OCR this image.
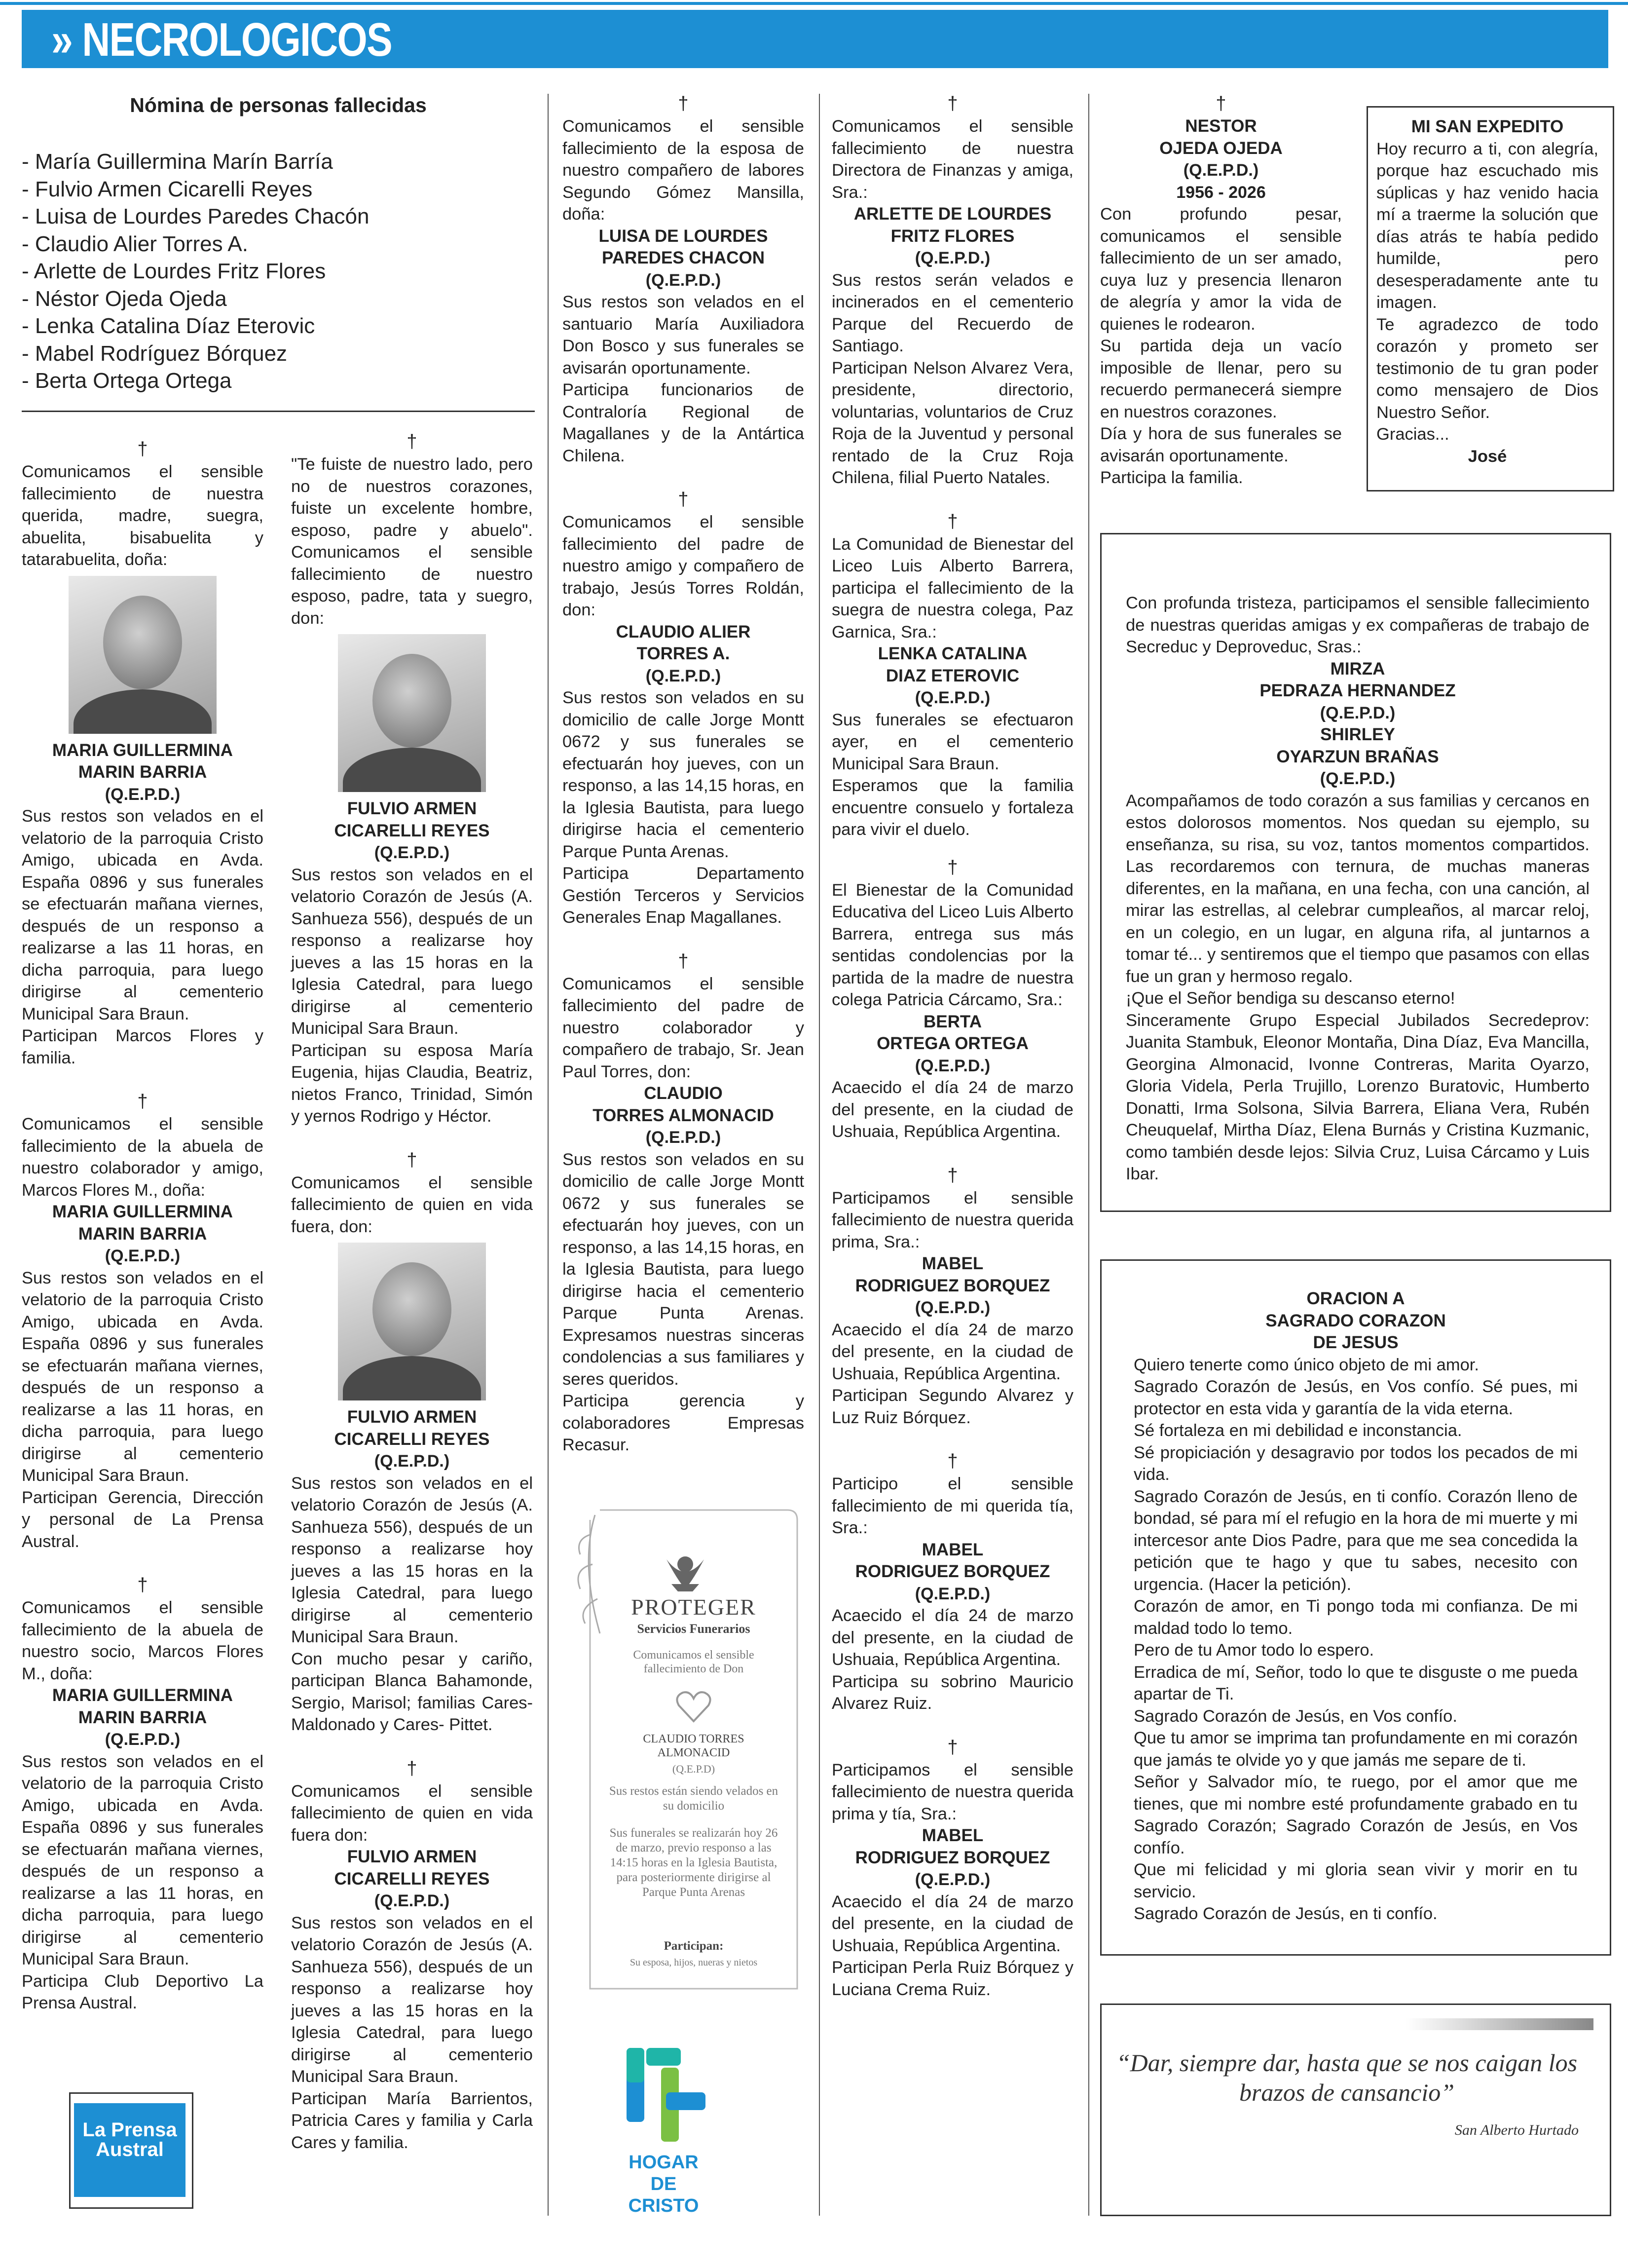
» NECROLOGICOS
Nómina de personas fallecidas

- María Guillermina Marín Barría

- Fulvio Armen Cicarelli Reyes

- Luisa de Lourdes Paredes Chacón

- Claudio Alier Torres A.

- Arlette de Lourdes Fritz Flores

- Néstor Ojeda Ojeda

- Lenka Catalina Díaz Eterovic

- Mabel Rodríguez Bórquez

- Berta Ortega Ortega

†

Comunicamos el sensible fallecimiento de nuestra querida, madre, suegra, abuelita, bisabuelita y tatarabuelita, doña:

MARIA GUILLERMINA
MARIN BARRIA
(Q.E.P.D.)

Sus restos son velados en el velatorio de la parroquia Cristo Amigo, ubicada en Avda. España 0896 y sus funerales se efectuarán mañana viernes, después de un responso a realizarse a las 11 horas, en dicha parroquia, para luego dirigirse al cementerio Municipal Sara Braun.

Participan Marcos Flores y familia.

†

Comunicamos el sensible fallecimiento de la abuela de nuestro colaborador y amigo, Marcos Flores M., doña:

MARIA GUILLERMINA
MARIN BARRIA
(Q.E.P.D.)

Sus restos son velados en el velatorio de la parroquia Cristo Amigo, ubicada en Avda. España 0896 y sus funerales se efectuarán mañana viernes, después de un responso a realizarse a las 11 horas, en dicha parroquia, para luego dirigirse al cementerio Municipal Sara Braun.

Participan Gerencia, Dirección y personal de La Prensa Austral.

†

Comunicamos el sensible fallecimiento de la abuela de nuestro socio, Marcos Flores M., doña:

MARIA GUILLERMINA
MARIN BARRIA
(Q.E.P.D.)

Sus restos son velados en el velatorio de la parroquia Cristo Amigo, ubicada en Avda. España 0896 y sus funerales se efectuarán mañana viernes, después de un responso a realizarse a las 11 horas, en dicha parroquia, para luego dirigirse al cementerio Municipal Sara Braun.

Participa Club Deportivo La Prensa Austral.

La Prensa Austral
†

"Te fuiste de nuestro lado, pero no de nuestros corazones, fuiste un excelente hombre, esposo, padre y abuelo". Comunicamos el sensible fallecimiento de nuestro esposo, padre, tata y suegro, don:

FULVIO ARMEN
CICARELLI REYES
(Q.E.P.D.)

Sus restos son velados en el velatorio Corazón de Jesús (A. Sanhueza 556), después de un responso a realizarse hoy jueves a las 15 horas en la Iglesia Catedral, para luego dirigirse al cementerio Municipal Sara Braun.

Participan su esposa María Eugenia, hijas Claudia, Beatriz, nietos Franco, Trinidad, Simón y yernos Rodrigo y Héctor.

†

Comunicamos el sensible fallecimiento de quien en vida fuera, don:

FULVIO ARMEN
CICARELLI REYES
(Q.E.P.D.)

Sus restos son velados en el velatorio Corazón de Jesús (A. Sanhueza 556), después de un responso a realizarse hoy jueves a las 15 horas en la Iglesia Catedral, para luego dirigirse al cementerio Municipal Sara Braun.

Con mucho pesar y cariño, participan Blanca Bahamonde, Sergio, Marisol; familias Cares- Maldonado y Cares- Pittet.

†

Comunicamos el sensible fallecimiento de quien en vida fuera don:

FULVIO ARMEN
CICARELLI REYES
(Q.E.P.D.)

Sus restos son velados en el velatorio Corazón de Jesús (A. Sanhueza 556), después de un responso a realizarse hoy jueves a las 15 horas en la Iglesia Catedral, para luego dirigirse al cementerio Municipal Sara Braun.

Participan María Barrientos, Patricia Cares y familia y Carla Cares y familia.

†

Comunicamos el sensible fallecimiento de la esposa de nuestro compañero de labores Segundo Gómez Mansilla, doña:

LUISA DE LOURDES
PAREDES CHACON
(Q.E.P.D.)

Sus restos son velados en el santuario María Auxiliadora Don Bosco y sus funerales se avisarán oportunamente.

Participa funcionarios de Contraloría Regional de Magallanes y de la Antártica Chilena.

†

Comunicamos el sensible fallecimiento del padre de nuestro amigo y compañero de trabajo, Jesús Torres Roldán, don:

CLAUDIO ALIER
TORRES A.
(Q.E.P.D.)

Sus restos son velados en su domicilio de calle Jorge Montt 0672 y sus funerales se efectuarán hoy jueves, con un responso, a las 14,15 horas, en la Iglesia Bautista, para luego dirigirse hacia el cementerio Parque Punta Arenas.

Participa Departamento Gestión Terceros y Servicios Generales Enap Magallanes.

†

Comunicamos el sensible fallecimiento del padre de nuestro colaborador y compañero de trabajo, Sr. Jean Paul Torres, don:

CLAUDIO
TORRES ALMONACID
(Q.E.P.D.)

Sus restos son velados en su domicilio de calle Jorge Montt 0672 y sus funerales se efectuarán hoy jueves, con un responso, a las 14,15 horas, en la Iglesia Bautista, para luego dirigirse hacia el cementerio Parque Punta Arenas. Expresamos nuestras sinceras condolencias a sus familiares y seres queridos.

Participa gerencia y colaboradores Empresas Recasur.

PROTEGER
Servicios Funerarios
Comunicamos el sensible fallecimiento de Don
CLAUDIO TORRES
ALMONACID
(Q.E.P.D)
Sus restos están siendo velados en su domicilio
Sus funerales se realizarán hoy 26 de marzo, previo responso a las 14:15 horas en la Iglesia Bautista, para posteriormente dirigirse al Parque Punta Arenas
Participan:
Su esposa, hijos, nueras y nietos
HOGAR
DE CRISTO
†

Comunicamos el sensible fallecimiento de nuestra Directora de Finanzas y amiga, Sra.:

ARLETTE DE LOURDES
FRITZ FLORES
(Q.E.P.D.)

Sus restos serán velados e incinerados en el cementerio Parque del Recuerdo de Santiago.

Participan Nelson Alvarez Vera, presidente, directorio, voluntarias, voluntarios de Cruz Roja de la Juventud y personal rentado de la Cruz Roja Chilena, filial Puerto Natales.

†

La Comunidad de Bienestar del Liceo Luis Alberto Barrera, participa el fallecimiento de la suegra de nuestra colega, Paz Garnica, Sra.:

LENKA CATALINA
DIAZ ETEROVIC
(Q.E.P.D.)

Sus funerales se efectuaron ayer, en el cementerio Municipal Sara Braun.

Esperamos que la familia encuentre consuelo y fortaleza para vivir el duelo.

†

El Bienestar de la Comunidad Educativa del Liceo Luis Alberto Barrera, entrega sus más sentidas condolencias por la partida de la madre de nuestra colega Patricia Cárcamo, Sra.:

BERTA
ORTEGA ORTEGA
(Q.E.P.D.)

Acaecido el día 24 de marzo del presente, en la ciudad de Ushuaia, República Argentina.

†

Participamos el sensible fallecimiento de nuestra querida prima, Sra.:

MABEL
RODRIGUEZ BORQUEZ
(Q.E.P.D.)

Acaecido el día 24 de marzo del presente, en la ciudad de Ushuaia, República Argentina.

Participan Segundo Alvarez y Luz Ruiz Bórquez.

†

Participo el sensible fallecimiento de mi querida tía, Sra.:

MABEL
RODRIGUEZ BORQUEZ
(Q.E.P.D.)

Acaecido el día 24 de marzo del presente, en la ciudad de Ushuaia, República Argentina.

Participa su sobrino Mauricio Alvarez Ruiz.

†

Participamos el sensible fallecimiento de nuestra querida prima y tía, Sra.:

MABEL
RODRIGUEZ BORQUEZ
(Q.E.P.D.)

Acaecido el día 24 de marzo del presente, en la ciudad de Ushuaia, República Argentina.

Participan Perla Ruiz Bórquez y Luciana Crema Ruiz.

†
NESTOR
OJEDA OJEDA
(Q.E.P.D.)
1956 - 2026

Con profundo pesar, comunicamos el sensible fallecimiento de un ser amado, cuya luz y presencia llenaron de alegría y amor la vida de quienes le rodearon.

Su partida deja un vacío imposible de llenar, pero su recuerdo permanecerá siempre en nuestros corazones.

Día y hora de sus funerales se avisarán oportunamente.

Participa la familia.

MI SAN EXPEDITO

Hoy recurro a ti, con alegría, porque haz escuchado mis súplicas y haz venido hacia mí a traerme la solución que días atrás te había pedido humilde, pero desesperadamente ante tu imagen.

Te agradezco de todo corazón y prometo ser testimonio de tu gran poder como mensajero de Dios Nuestro Señor.

Gracias...

José

Con profunda tristeza, participamos el sensible fallecimiento de nuestras queridas amigas y ex compañeras de trabajo de Secreduc y Deproveduc, Sras.:

MIRZA
PEDRAZA HERNANDEZ
(Q.E.P.D.)
SHIRLEY
OYARZUN BRAÑAS
(Q.E.P.D.)

Acompañamos de todo corazón a sus familias y cercanos en estos dolorosos momentos. Nos quedan su ejemplo, su enseñanza, su risa, su voz, tantos momentos compartidos. Las recordaremos con ternura, de muchas maneras diferentes, en la mañana, en una fecha, con una canción, al mirar las estrellas, al celebrar cumpleaños, al marcar reloj, en un colegio, en un lugar, en alguna rifa, al juntarnos a tomar té... y sentiremos que el tiempo que pasamos con ellas fue un gran y hermoso regalo.

¡Que el Señor bendiga su descanso eterno!

Sinceramente Grupo Especial Jubilados Secredeprov: Juanita Stambuk, Eleonor Montaña, Dina Díaz, Eva Mancilla, Georgina Almonacid, Ivonne Contreras, Marita Oyarzo, Gloria Videla, Perla Trujillo, Lorenzo Buratovic, Humberto Donatti, Irma Solsona, Silvia Barrera, Eliana Vera, Rubén Cheuquelaf, Mirtha Díaz, Elena Burnás y Cristina Kuzmanic, como también desde lejos: Silvia Cruz, Luisa Cárcamo y Luis Ibar.

ORACION A
SAGRADO CORAZON
DE JESUS

Quiero tenerte como único objeto de mi amor.

Sagrado Corazón de Jesús, en Vos confío. Sé pues, mi protector en esta vida y garantía de la vida eterna.

Sé fortaleza en mi debilidad e inconstancia.

Sé propiciación y desagravio por todos los pecados de mi vida.

Sagrado Corazón de Jesús, en ti confío. Corazón lleno de bondad, sé para mí el refugio en la hora de mi muerte y mi intercesor ante Dios Padre, para que me sea concedida la petición que te hago y que tu sabes, necesito con urgencia. (Hacer la petición).

Corazón de amor, en Ti pongo toda mi confianza. De mi maldad todo lo temo.

Pero de tu Amor todo lo espero.

Erradica de mí, Señor, todo lo que te disguste o me pueda apartar de Ti.

Sagrado Corazón de Jesús, en Vos confío.

Que tu amor se imprima tan profundamente en mi corazón que jamás te olvide yo y que jamás me separe de ti.

Señor y Salvador mío, te ruego, por el amor que me tienes, que mi nombre esté profundamente grabado en tu Sagrado Corazón; Sagrado Corazón de Jesús, en Vos confío.

Que mi felicidad y mi gloria sean vivir y morir en tu servicio.

Sagrado Corazón de Jesús, en ti confío.

“Dar, siempre dar, hasta que se nos caigan los brazos de cansancio”
San Alberto Hurtado
